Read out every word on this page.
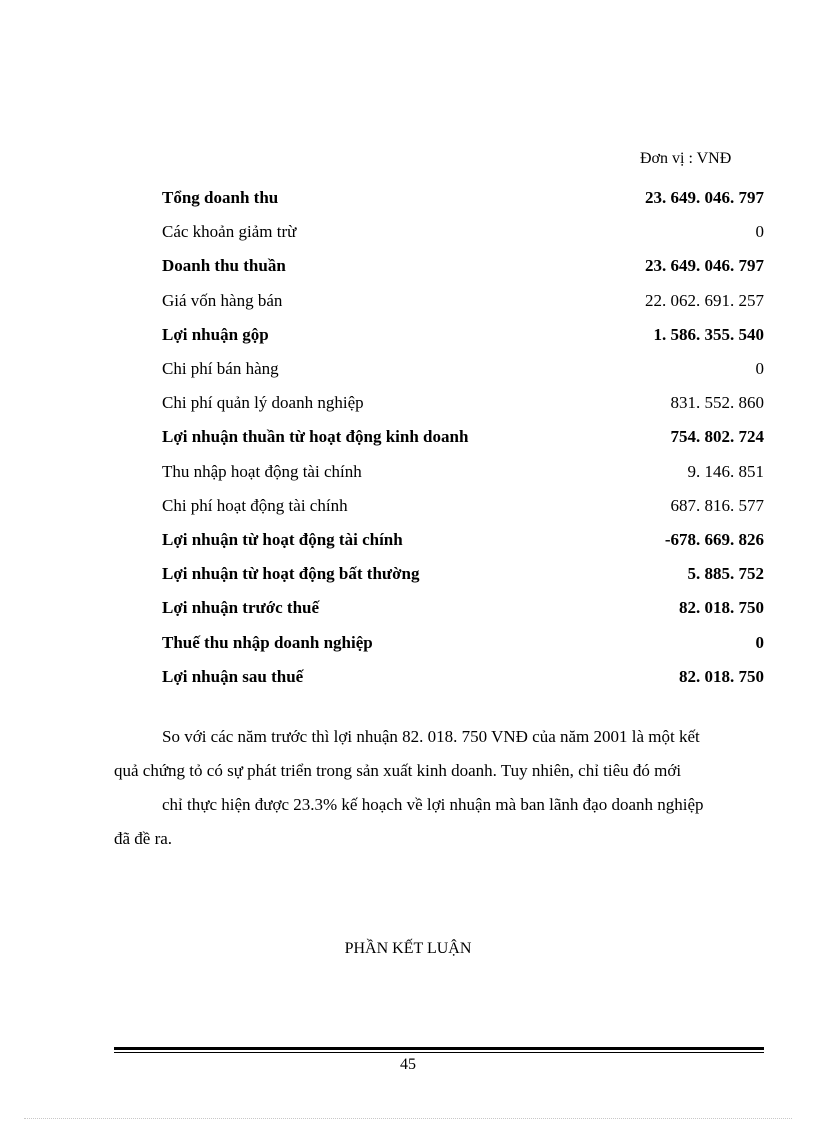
Đơn vị : VNĐ
Tổng doanh thu	23. 649. 046. 797
Các khoản giảm trừ	0
Doanh thu thuần	23. 649. 046. 797
Giá vốn hàng bán	22. 062. 691. 257
Lợi nhuận gộp	1. 586. 355. 540
Chi phí bán hàng	0
Chi phí quản lý doanh nghiệp	831. 552. 860
Lợi nhuận thuần từ hoạt động kinh doanh	754. 802. 724
Thu nhập hoạt động tài chính	9. 146. 851
Chi phí hoạt động tài chính	687. 816. 577
Lợi nhuận từ hoạt động tài chính	-678. 669. 826
Lợi nhuận từ hoạt động bất thường	5. 885. 752
Lợi nhuận trước thuế	82. 018. 750
Thuế thu nhập doanh nghiệp	0
Lợi nhuận sau thuế	82. 018. 750
So với các năm trước thì lợi nhuận 82. 018. 750 VNĐ của năm 2001 là một kết
quả chứng tỏ có sự phát triển trong sản xuất kinh doanh. Tuy nhiên, chỉ tiêu đó mới
chỉ thực hiện được 23.3% kế hoạch về lợi nhuận mà ban lãnh đạo doanh nghiệp
đã đề ra.
PHẦN KẾT LUẬN
45
